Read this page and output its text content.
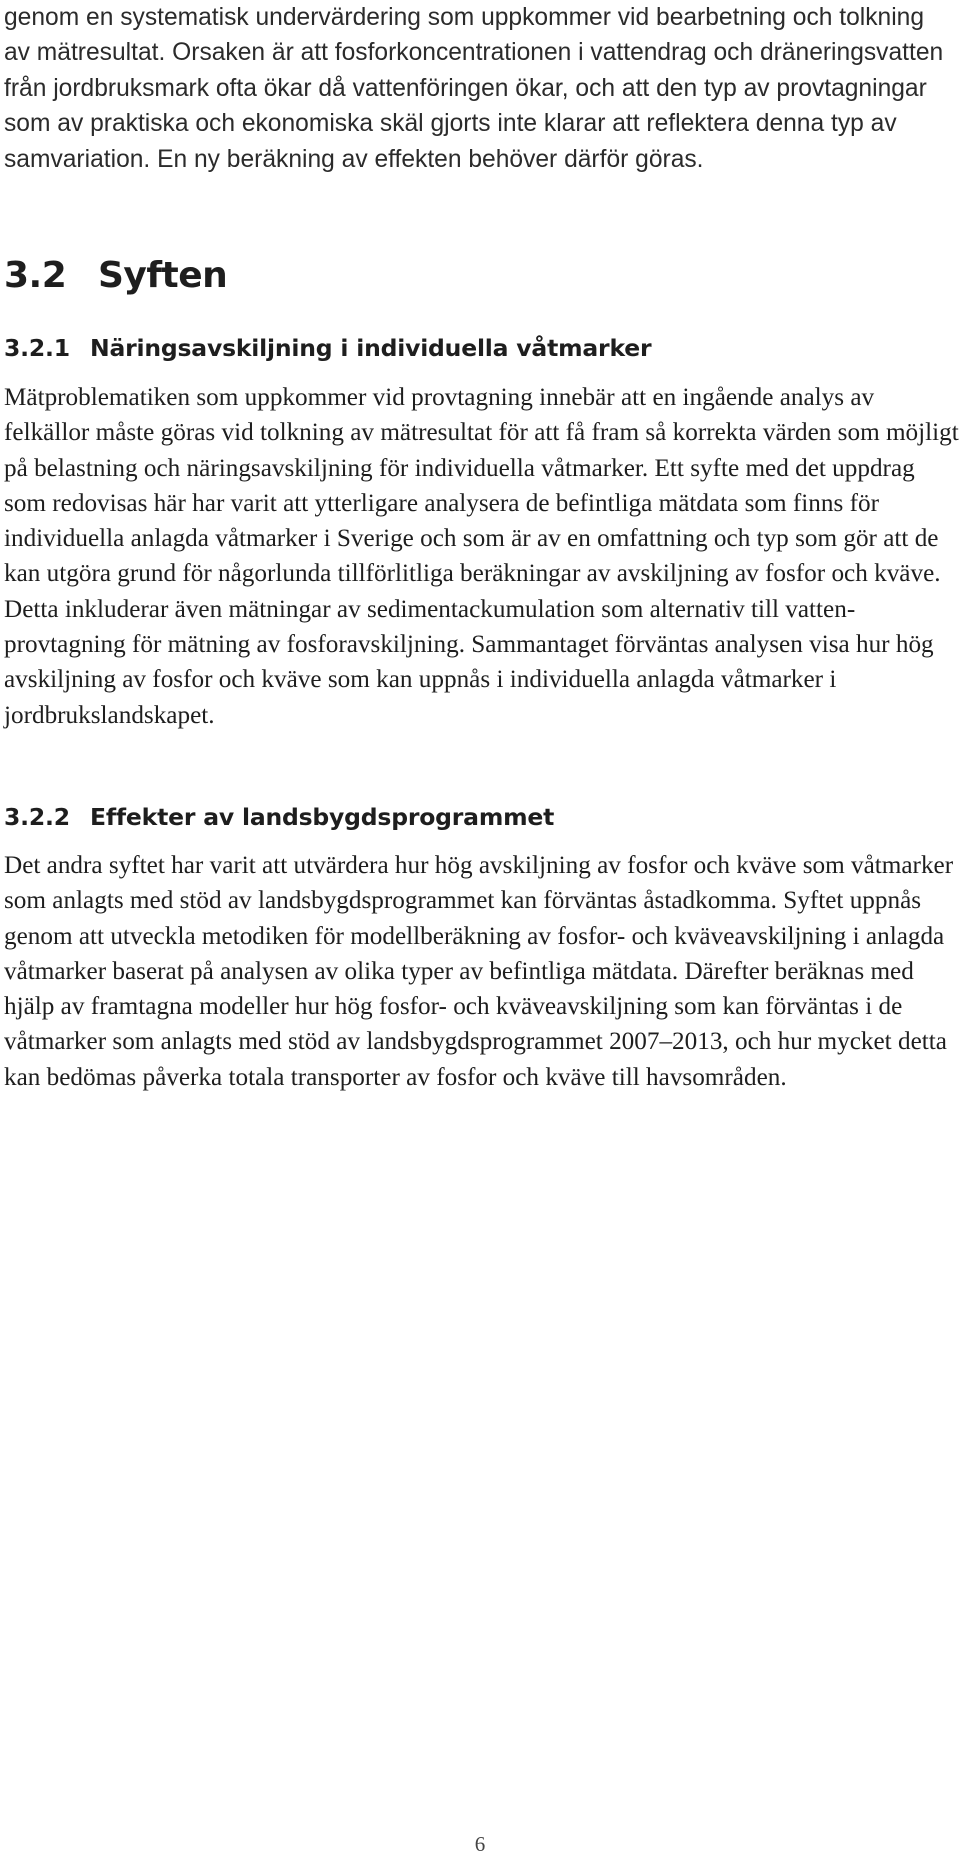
genom en systematisk undervärdering som uppkommer vid bearbetning och tolkning av mätresultat. Orsaken är att fosforkoncentrationen i vattendrag och dräneringsvatten från jordbruksmark ofta ökar då vattenföringen ökar, och att den typ av provtagningar som av praktiska och ekonomiska skäl gjorts inte klarar att reflektera denna typ av samvariation. En ny beräkning av effekten behöver därför göras.

3.2 Syften
3.2.1 Näringsavskiljning i individuella våtmarker

Mätproblematiken som uppkommer vid provtagning innebär att en ingående analys av felkällor måste göras vid tolkning av mätresultat för att få fram så korrekta värden som möjligt på belastning och näringsavskiljning för individuella våtmarker. Ett syfte med det uppdrag som redovisas här har varit att ytterligare analysera de befintliga mätdata som finns för individuella anlagda våtmarker i Sverige och som är av en omfattning och typ som gör att de kan utgöra grund för någorlunda tillförlitliga beräkningar av avskiljning av fosfor och kväve. Detta inkluderar även mätningar av sedimentackumulation som alternativ till vattenprovtagning för mätning av fosforavskiljning. Sammantaget förväntas analysen visa hur hög avskiljning av fosfor och kväve som kan uppnås i individuella anlagda våtmarker i jordbrukslandskapet.

3.2.2 Effekter av landsbygdsprogrammet

Det andra syftet har varit att utvärdera hur hög avskiljning av fosfor och kväve som våtmarker som anlagts med stöd av landsbygdsprogrammet kan förväntas åstadkomma. Syftet uppnås genom att utveckla metodiken för modellberäkning av fosfor- och kväveavskiljning i anlagda våtmarker baserat på analysen av olika typer av befintliga mätdata. Därefter beräknas med hjälp av framtagna modeller hur hög fosfor- och kväveavskiljning som kan förväntas i de våtmarker som anlagts med stöd av landsbygdsprogrammet 2007–2013, och hur mycket detta kan bedömas påverka totala transporter av fosfor och kväve till havsområden.

6
